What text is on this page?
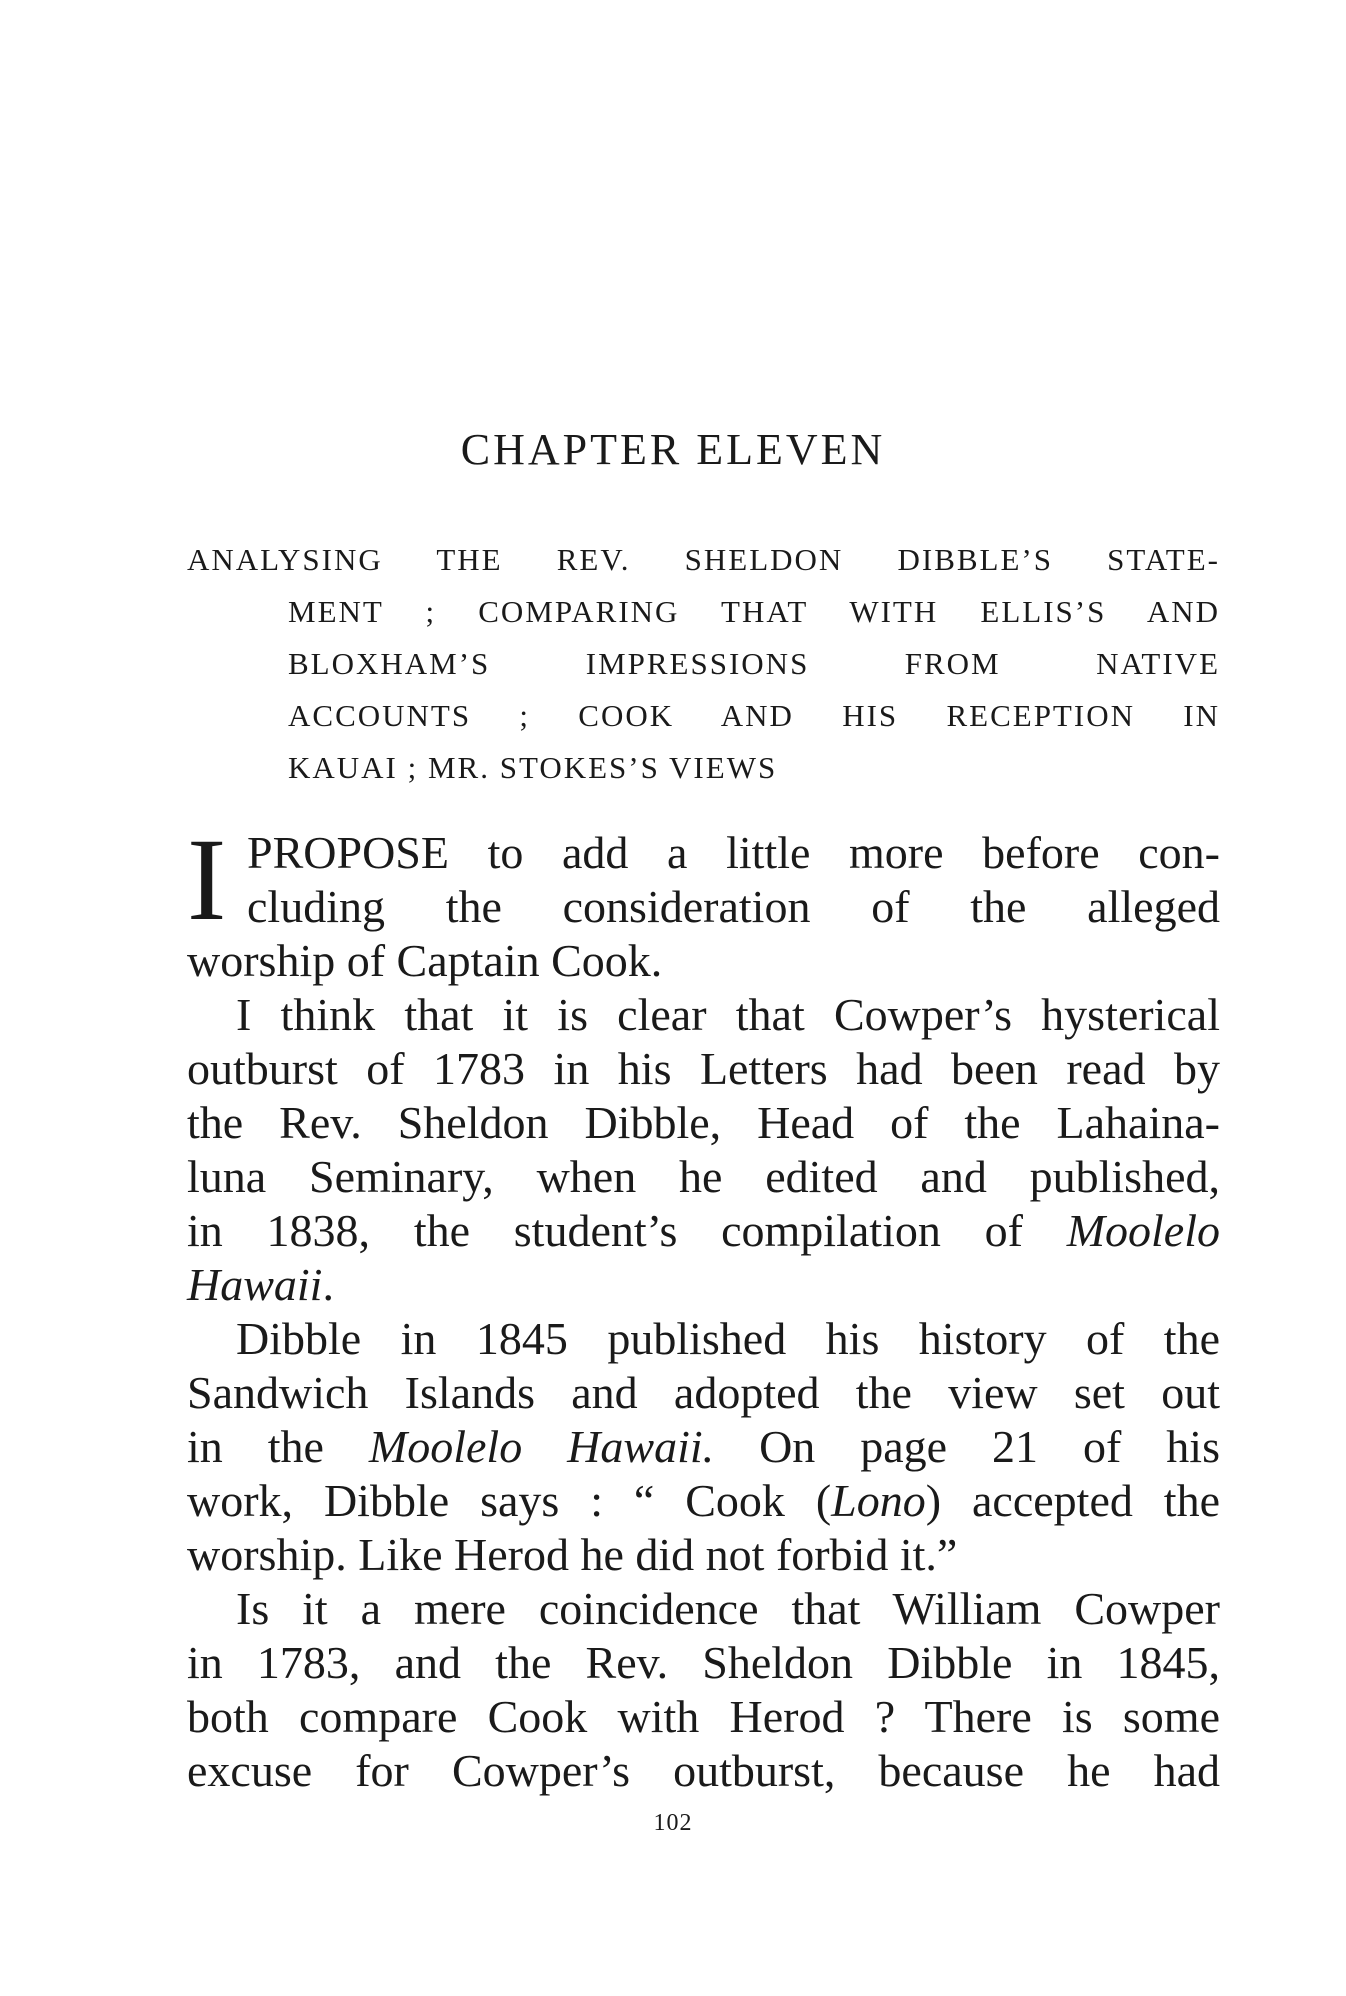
CHAPTER ELEVEN
ANALYSING THE REV. SHELDON DIBBLE’S STATE-
MENT ; COMPARING THAT WITH ELLIS’S AND
BLOXHAM’S IMPRESSIONS FROM NATIVE
ACCOUNTS ; COOK AND HIS RECEPTION IN
KAUAI ; MR. STOKES’S VIEWS
I PROPOSE to add a little more before con-
cluding the consideration of the alleged
worship of Captain Cook.
I think that it is clear that Cowper’s hysterical
outburst of 1783 in his Letters had been read by
the Rev. Sheldon Dibble, Head of the Lahaina-
luna Seminary, when he edited and published,
in 1838, the student’s compilation of Moolelo
Hawaii.
Dibble in 1845 published his history of the
Sandwich Islands and adopted the view set out
in the Moolelo Hawaii. On page 21 of his
work, Dibble says : “ Cook (Lono) accepted the
worship. Like Herod he did not forbid it.”
Is it a mere coincidence that William Cowper
in 1783, and the Rev. Sheldon Dibble in 1845,
both compare Cook with Herod ? There is some
excuse for Cowper’s outburst, because he had
102
